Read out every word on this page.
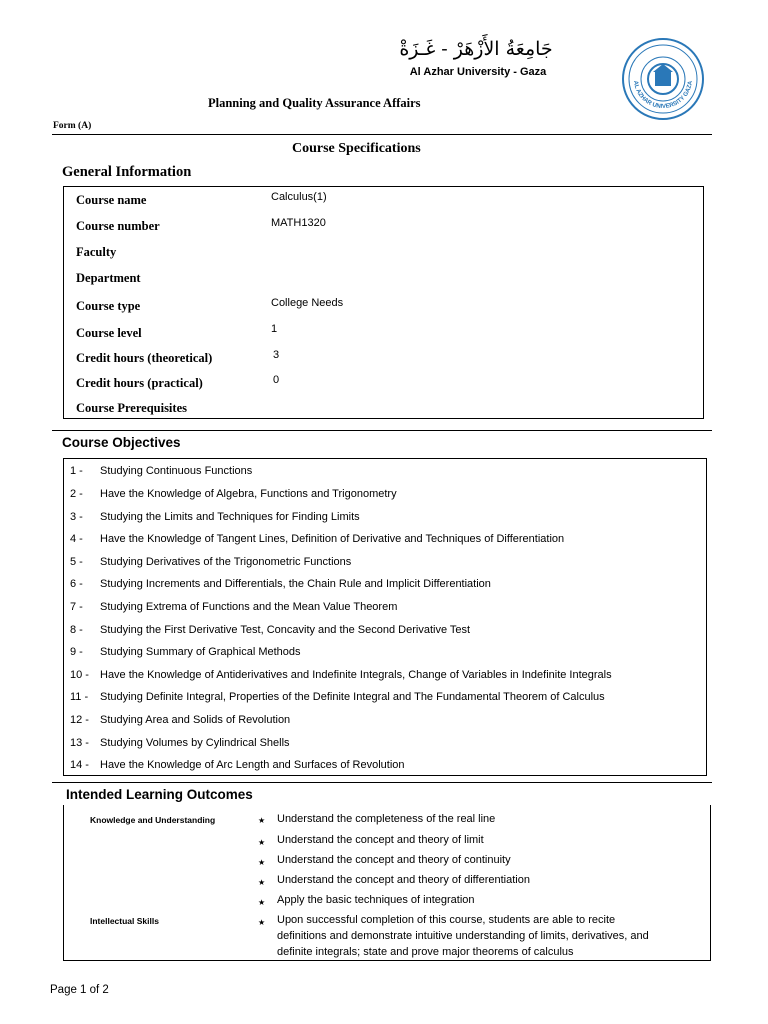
جَامِعَةُ الأَزْهَرْ - غَـزَةْ
Al Azhar University - Gaza
AL AZHAR UNIVERSITY GAZA
Planning and Quality Assurance Affairs
Form (A)
Course Specifications
General Information
Course name	Calculus(1)
Course number	MATH1320
Faculty
Department
Course type	College Needs
Course level	1
Credit hours (theoretical)	3
Credit hours (practical)	0
Course Prerequisites
Course Objectives
1 -	Studying Continuous Functions
2 -	Have the Knowledge of Algebra, Functions and Trigonometry
3 -	Studying the Limits and Techniques for Finding Limits
4 -	Have the Knowledge of Tangent Lines, Definition of Derivative and Techniques of Differentiation
5 -	Studying Derivatives of the Trigonometric Functions
6 -	Studying Increments and Differentials, the Chain Rule and Implicit Differentiation
7 -	Studying Extrema of Functions and the Mean Value Theorem
8 -	Studying the First Derivative Test, Concavity and the Second Derivative Test
9 -	Studying Summary of Graphical Methods
10 -	Have the Knowledge of Antiderivatives and Indefinite Integrals, Change of Variables in Indefinite Integrals
11 -	Studying Definite Integral, Properties of the Definite Integral and The Fundamental Theorem of Calculus
12 -	Studying Area and Solids of Revolution
13 -	Studying Volumes by Cylindrical Shells
14 -	Have the Knowledge of Arc Length and Surfaces of Revolution
Intended Learning Outcomes
Knowledge and Understanding	★ Understand the completeness of the real line
★ Understand the concept and theory of limit
★ Understand the concept and theory of continuity
★ Understand the concept and theory of differentiation
★ Apply the basic techniques of integration
Intellectual Skills	★ Upon successful completion of this course, students are able to recite
definitions and demonstrate intuitive understanding of limits, derivatives, and
definite integrals; state and prove major theorems of calculus
Page 1 of 2
